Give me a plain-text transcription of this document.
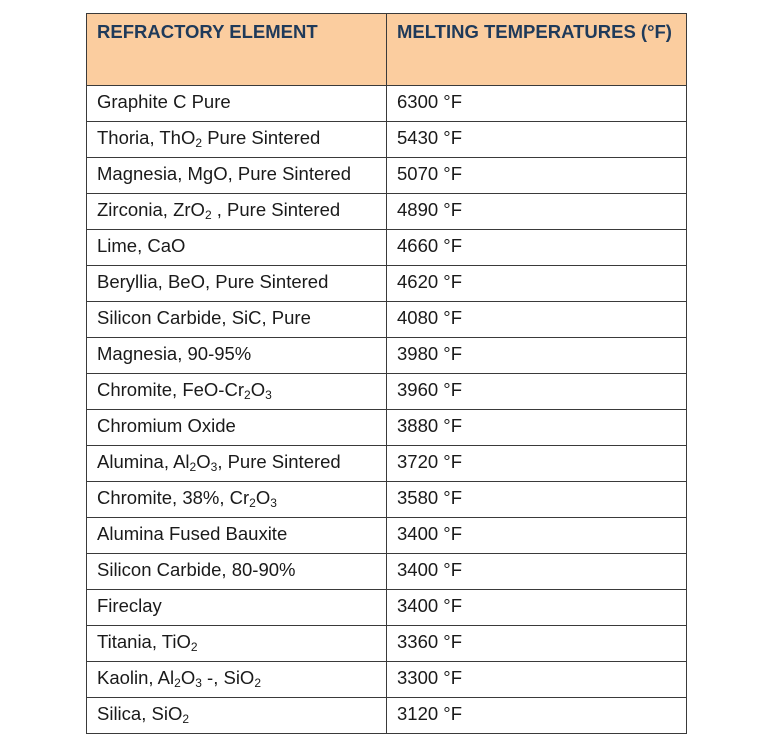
REFRACTORY ELEMENT	MELTING TEMPERATURES (°F)
Graphite C Pure	6300 °F
Thoria, ThO$_2$ Pure Sintered	5430 °F
Magnesia, MgO, Pure Sintered	5070 °F
Zirconia, ZrO$_2$ , Pure Sintered	4890 °F
Lime, CaO	4660 °F
Beryllia, BeO, Pure Sintered	4620 °F
Silicon Carbide, SiC, Pure	4080 °F
Magnesia, 90-95%	3980 °F
Chromite, FeO-$Cr_2O_3$	3960 °F
Chromium Oxide	3880 °F
Alumina, $Al_2O_3$, Pure Sintered	3720 °F
Chromite, 38%, $Cr_2O_3$	3580 °F
Alumina Fused Bauxite	3400 °F
Silicon Carbide, 80-90%	3400 °F
Fireclay	3400 °F
Titania, TiO$_2$	3360 °F
Kaolin, $Al_2O_3$ -, SiO$_2$	3300 °F
Silica, SiO$_2$	3120 °F
